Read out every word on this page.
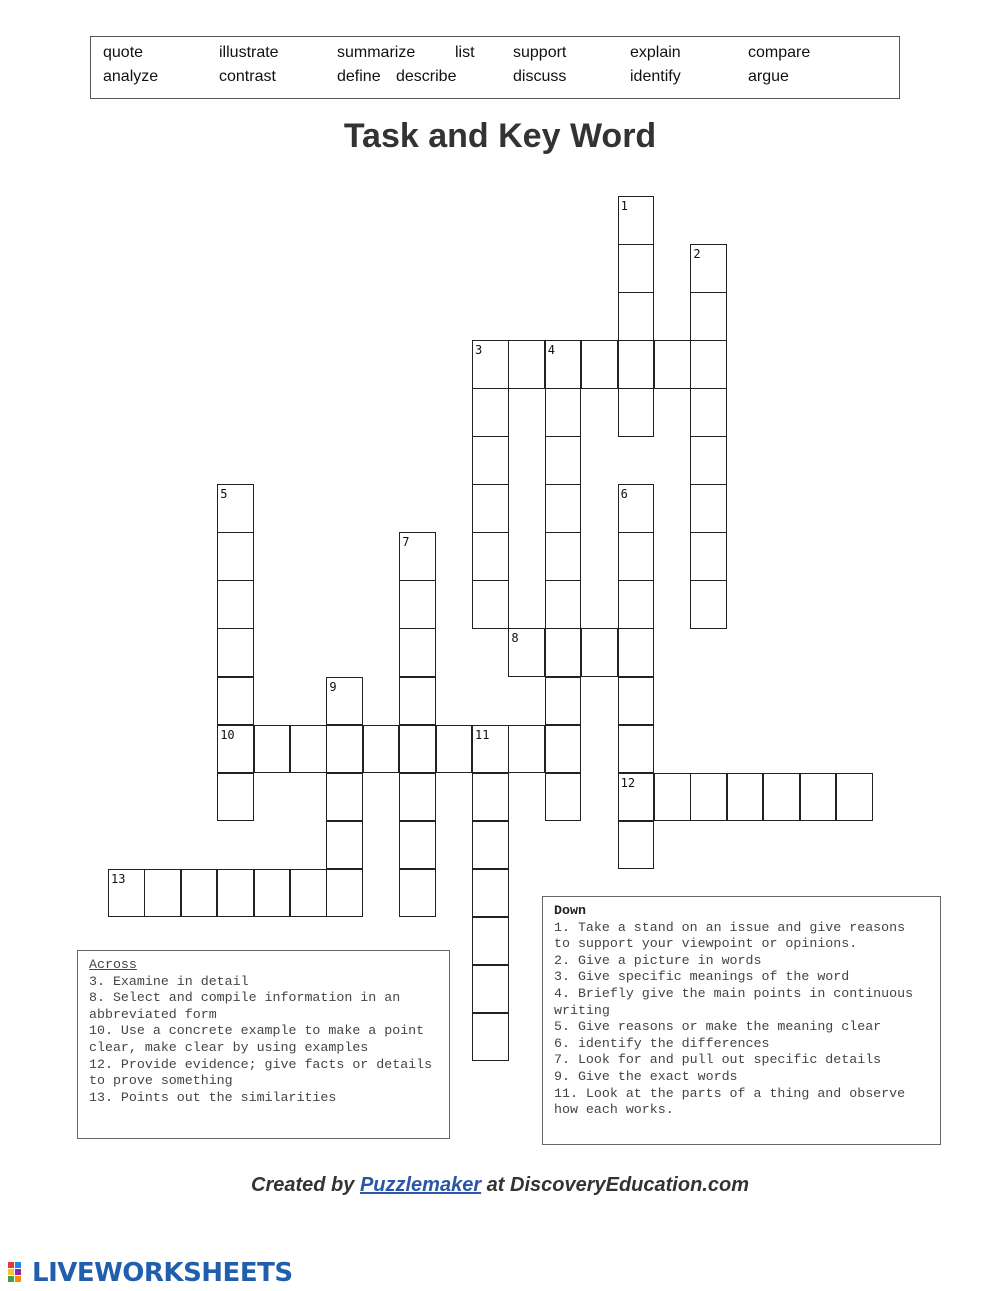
quote	illustrate	summarize list support	explain	compare
analyze	contrast	define describe	discuss	identify	argue
Task and Key Word
1
2
3	4
5
10
6
12
7
8
9
11
13
Across
3. Examine in detail
8. Select and compile information in an abbreviated form
10. Use a concrete example to make a point clear, make clear by using examples
12. Provide evidence; give facts or details to prove something
13. Points out the similarities
Down
1. Take a stand on an issue and give reasons to support your viewpoint or opinions.
2. Give a picture in words
3. Give specific meanings of the word
4. Briefly give the main points in continuous writing
5. Give reasons or make the meaning clear
6. identify the differences
7. Look for and pull out specific details
9. Give the exact words
11. Look at the parts of a thing and observe how each works.
Created by Puzzlemaker at DiscoveryEducation.com
LIVEWORKSHEETS
